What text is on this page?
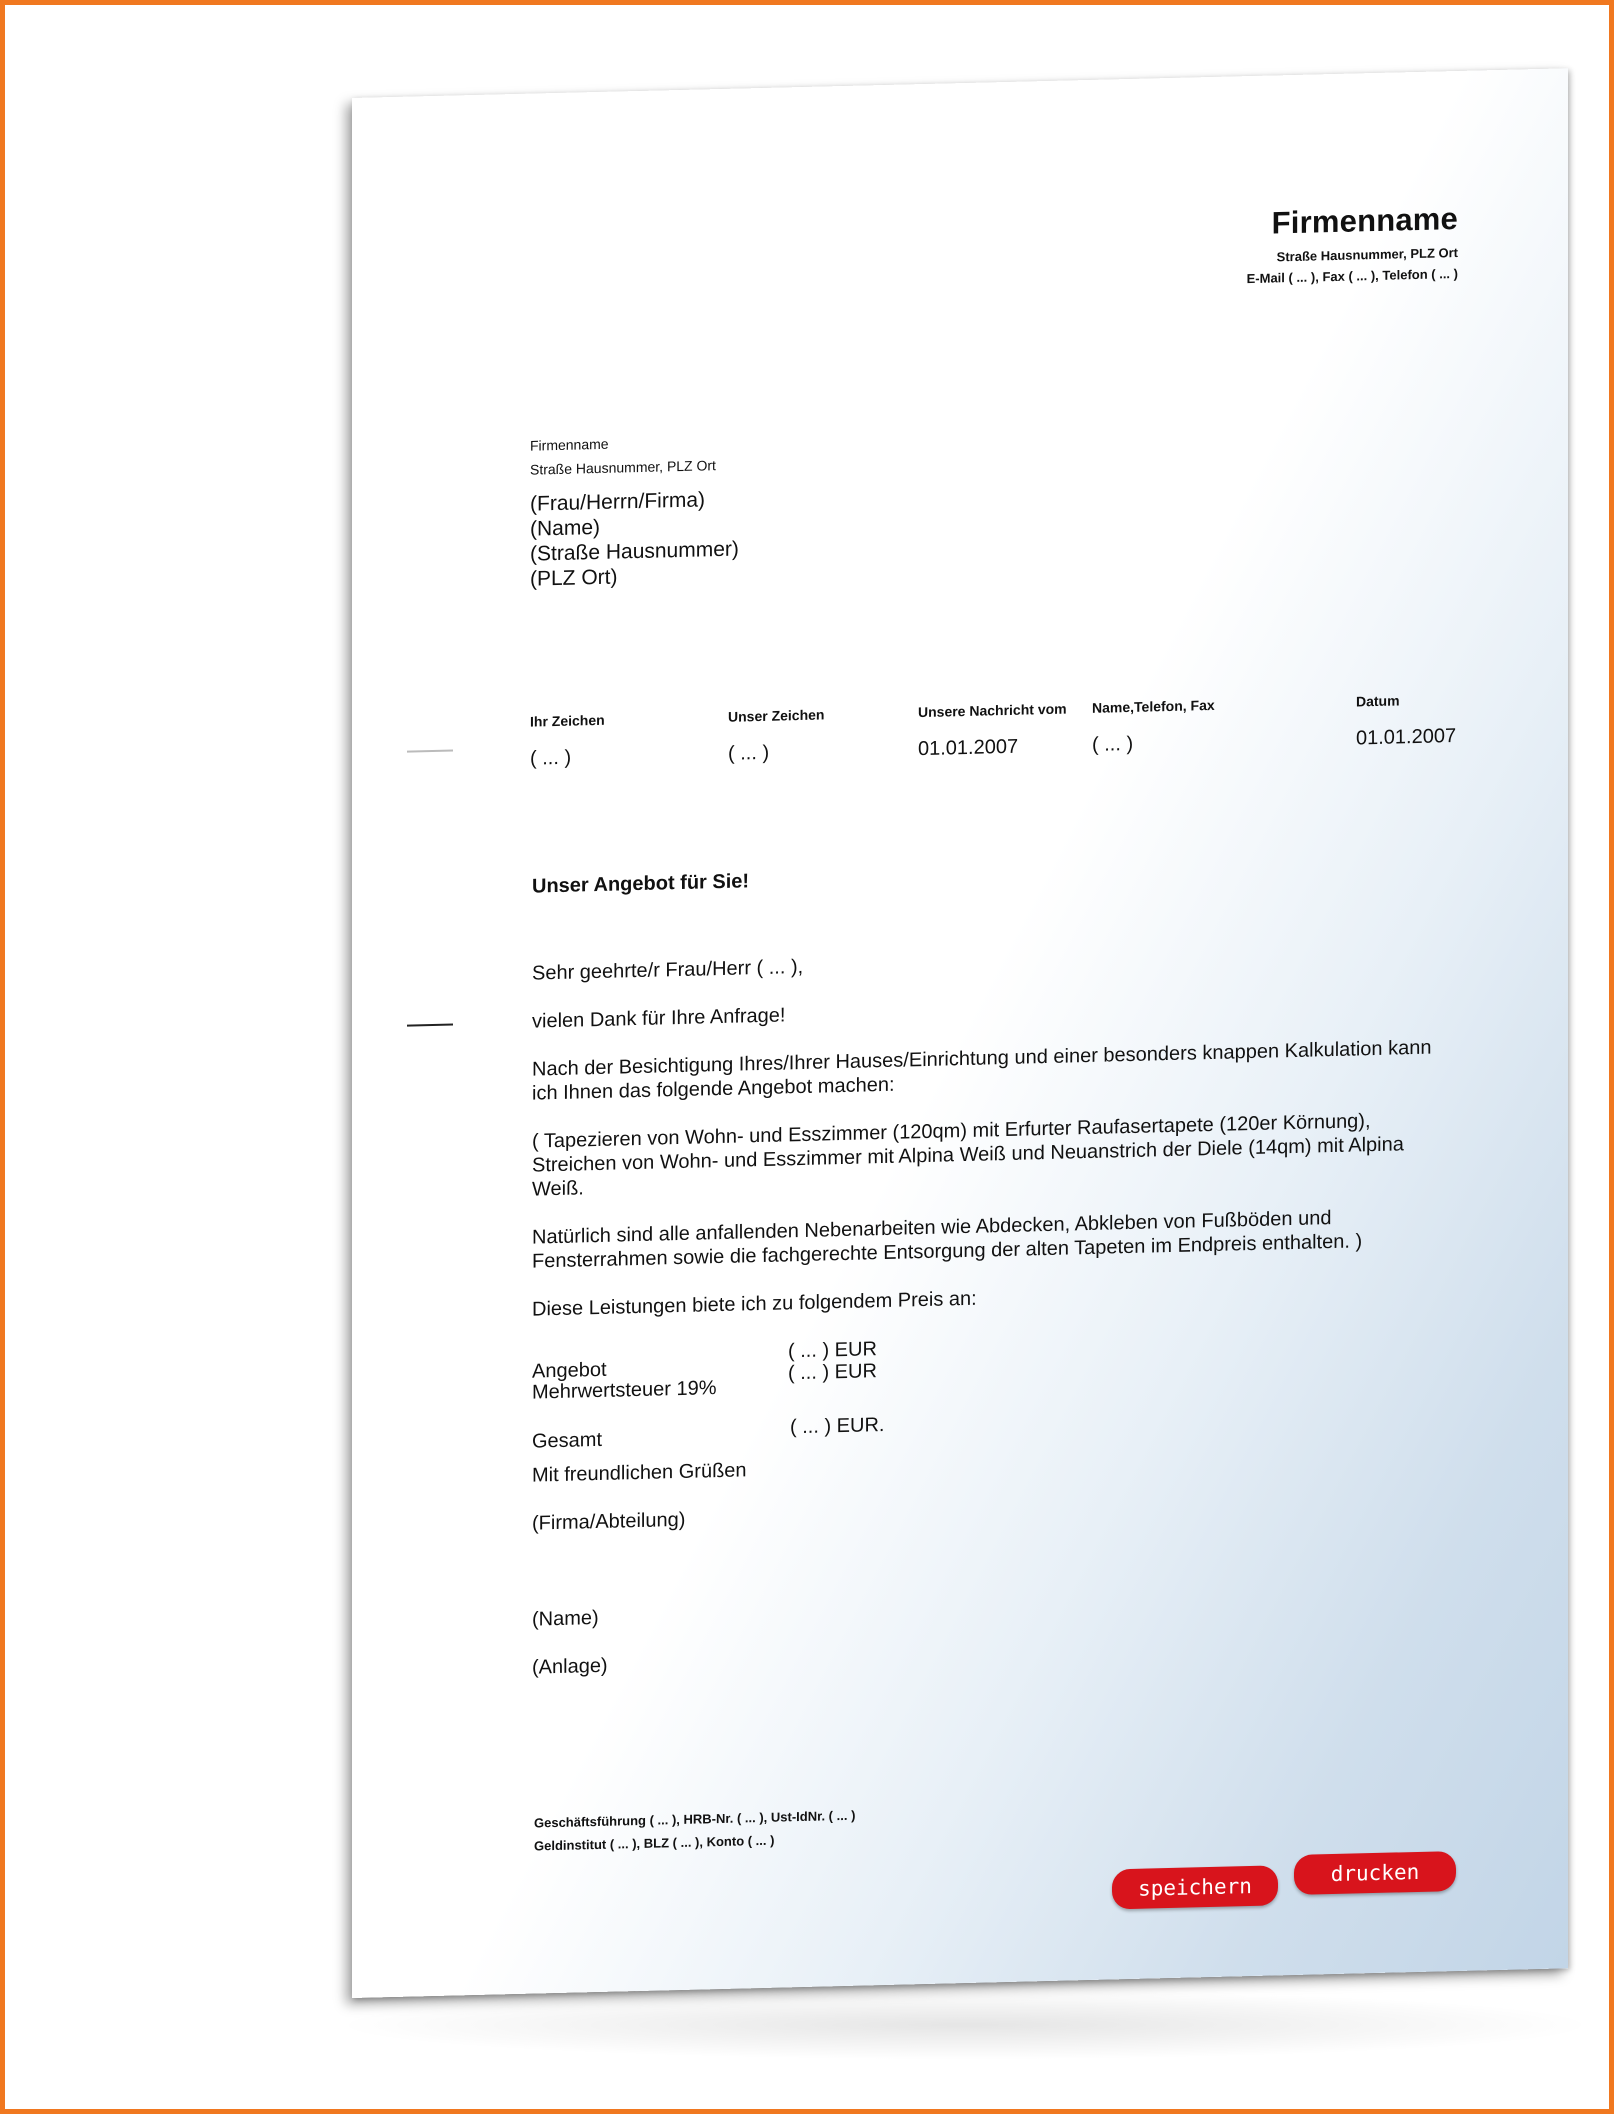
Firmenname
Straße Hausnummer, PLZ Ort
E-Mail ( ... ), Fax ( ... ), Telefon ( ... )
Firmenname
Straße Hausnummer, PLZ Ort
(Frau/Herrn/Firma)
(Name)
(Straße Hausnummer)
(PLZ Ort)
Ihr Zeichen
( ... )
Unser Zeichen
( ... )
Unsere Nachricht vom
01.01.2007
Name,Telefon, Fax
( ... )
Datum
01.01.2007
Unser Angebot für Sie!

Sehr geehrte/r Frau/Herr ( ... ),

vielen Dank für Ihre Anfrage!

Nach der Besichtigung Ihres/Ihrer Hauses/Einrichtung und einer besonders knappen Kalkulation kann ich Ihnen das folgende Angebot machen:

( Tapezieren von Wohn- und Esszimmer (120qm) mit Erfurter Raufasertapete (120er Körnung), Streichen von Wohn- und Esszimmer mit Alpina Weiß und Neuanstrich der Diele (14qm) mit Alpina Weiß.

Natürlich sind alle anfallenden Nebenarbeiten wie Abdecken, Abkleben von Fußböden und Fensterrahmen sowie die fachgerechte Entsorgung der alten Tapeten im Endpreis enthalten. )

Diese Leistungen biete ich zu folgendem Preis an:

Angebot
( ... ) EUR
Mehrwertsteuer 19%
( ... ) EUR
Gesamt
( ... ) EUR.

Mit freundlichen Grüßen

(Firma/Abteilung)

(Name)

(Anlage)

Geschäftsführung ( ... ), HRB-Nr. ( ... ), Ust-IdNr. ( ... )
Geldinstitut ( ... ), BLZ ( ... ), Konto ( ... )
speichern
drucken
